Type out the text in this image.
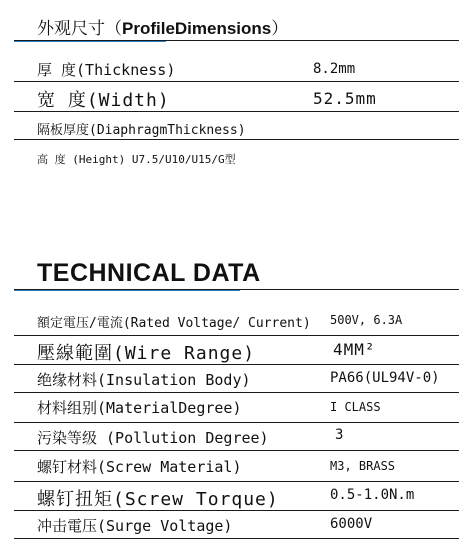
外观尺寸（ProfileDimensions）
厚 度(Thickness)	8.2mm
宽 度(Width)	52.5mm
隔板厚度(DiaphragmThickness)
高 度 (Height) U7.5/U10/U15/G型
TECHNICAL DATA
額定電压/電流(Rated Voltage/ Current) 500V, 6.3A
壓線範圍(Wire Range)	4MM²
绝缘材料(Insulation Body)	PA66(UL94V-0)
材料组别(MaterialDegree)	I CLASS
污染等级 (Pollution Degree)	3
螺钉材料(Screw Material)	M3, BRASS
螺钉扭矩(Screw Torque)	0.5-1.0N.m
冲击電压(Surge Voltage)	6000V
